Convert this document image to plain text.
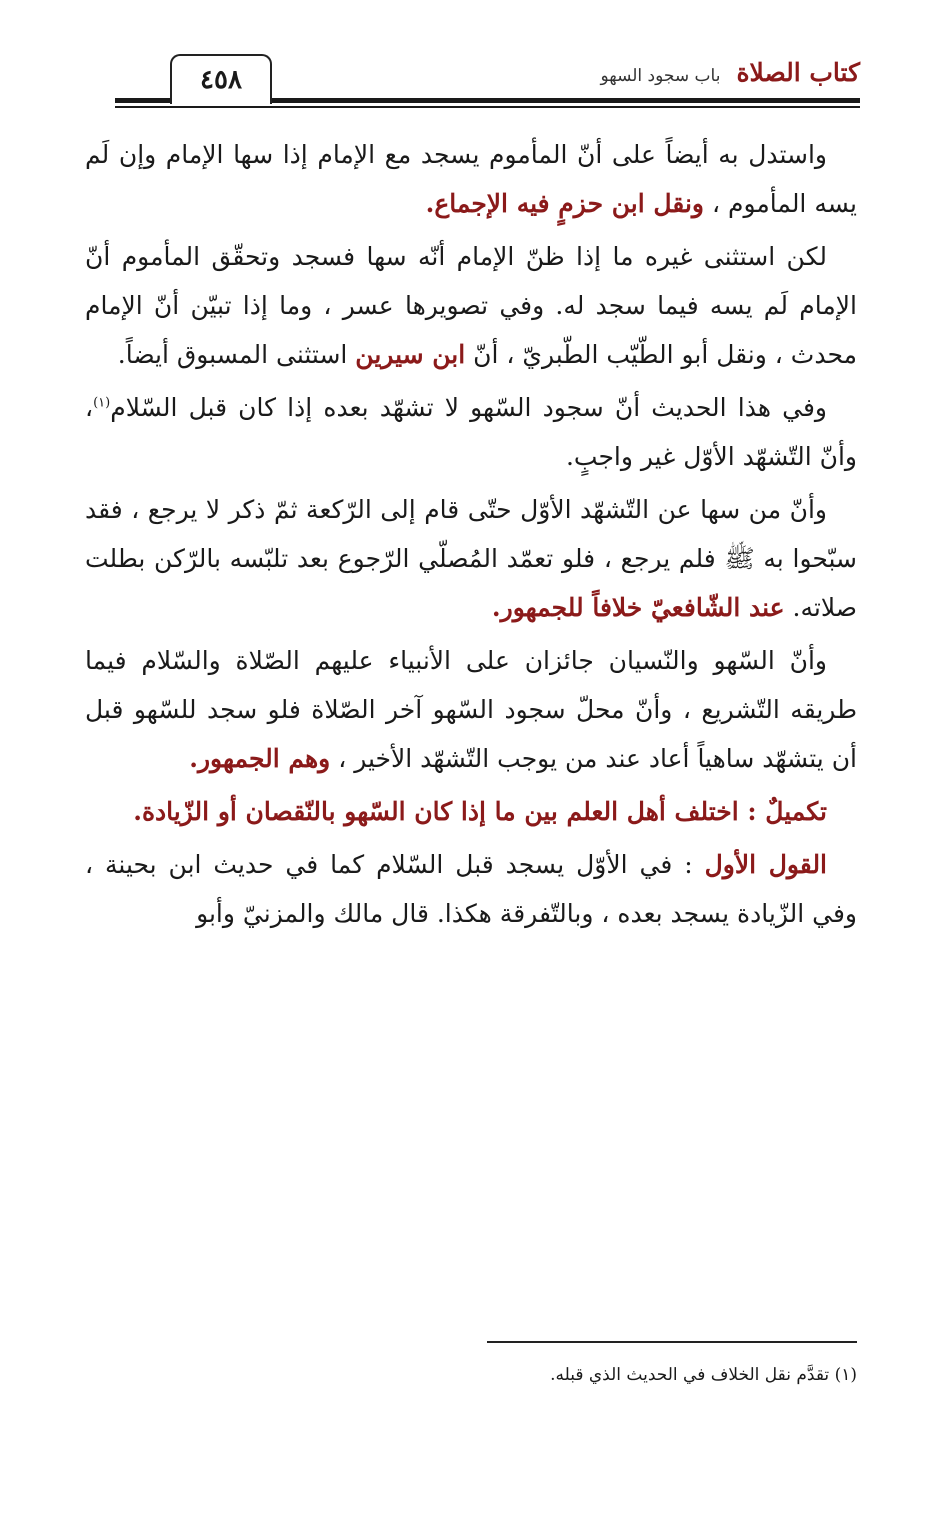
٤٥٨	كتاب الصلاة
باب سجود السهو

واستدل به أيضاً على أنّ المأموم يسجد مع الإمام إذا سها الإمام وإن لَم يسه المأموم ، ونقل ابن حزمٍ فيه الإجماع.

لكن استثنى غيره ما إذا ظنّ الإمام أنّه سها فسجد وتحقّق المأموم أنّ الإمام لَم يسه فيما سجد له. وفي تصويرها عسر ، وما إذا تبيّن أنّ الإمام محدث ، ونقل أبو الطّيّب الطّبريّ ، أنّ ابن سيرين استثنى المسبوق أيضاً.

وفي هذا الحديث أنّ سجود السّهو لا تشهّد بعده إذا كان قبل السّلام$^{(١)}$، وأنّ التّشهّد الأوّل غير واجبٍ.

وأنّ من سها عن التّشهّد الأوّل حتّى قام إلى الرّكعة ثمّ ذكر لا يرجع ، فقد سبّحوا به ﷺ فلم يرجع ، فلو تعمّد المُصلّي الرّجوع بعد تلبّسه بالرّكن بطلت صلاته. عند الشّافعيّ خلافاً للجمهور.

وأنّ السّهو والنّسيان جائزان على الأنبياء عليهم الصّلاة والسّلام فيما طريقه التّشريع ، وأنّ محلّ سجود السّهو آخر الصّلاة فلو سجد للسّهو قبل أن يتشهّد ساهياً أعاد عند من يوجب التّشهّد الأخير ، وهم الجمهور.

تكميلٌ : اختلف أهل العلم بين ما إذا كان السّهو بالنّقصان أو الزّيادة.

القول الأول : في الأوّل يسجد قبل السّلام كما في حديث ابن بحينة ، وفي الزّيادة يسجد بعده ، وبالتّفرقة هكذا. قال مالك والمزنيّ وأبو

(١) تقدَّم نقل الخلاف في الحديث الذي قبله.
